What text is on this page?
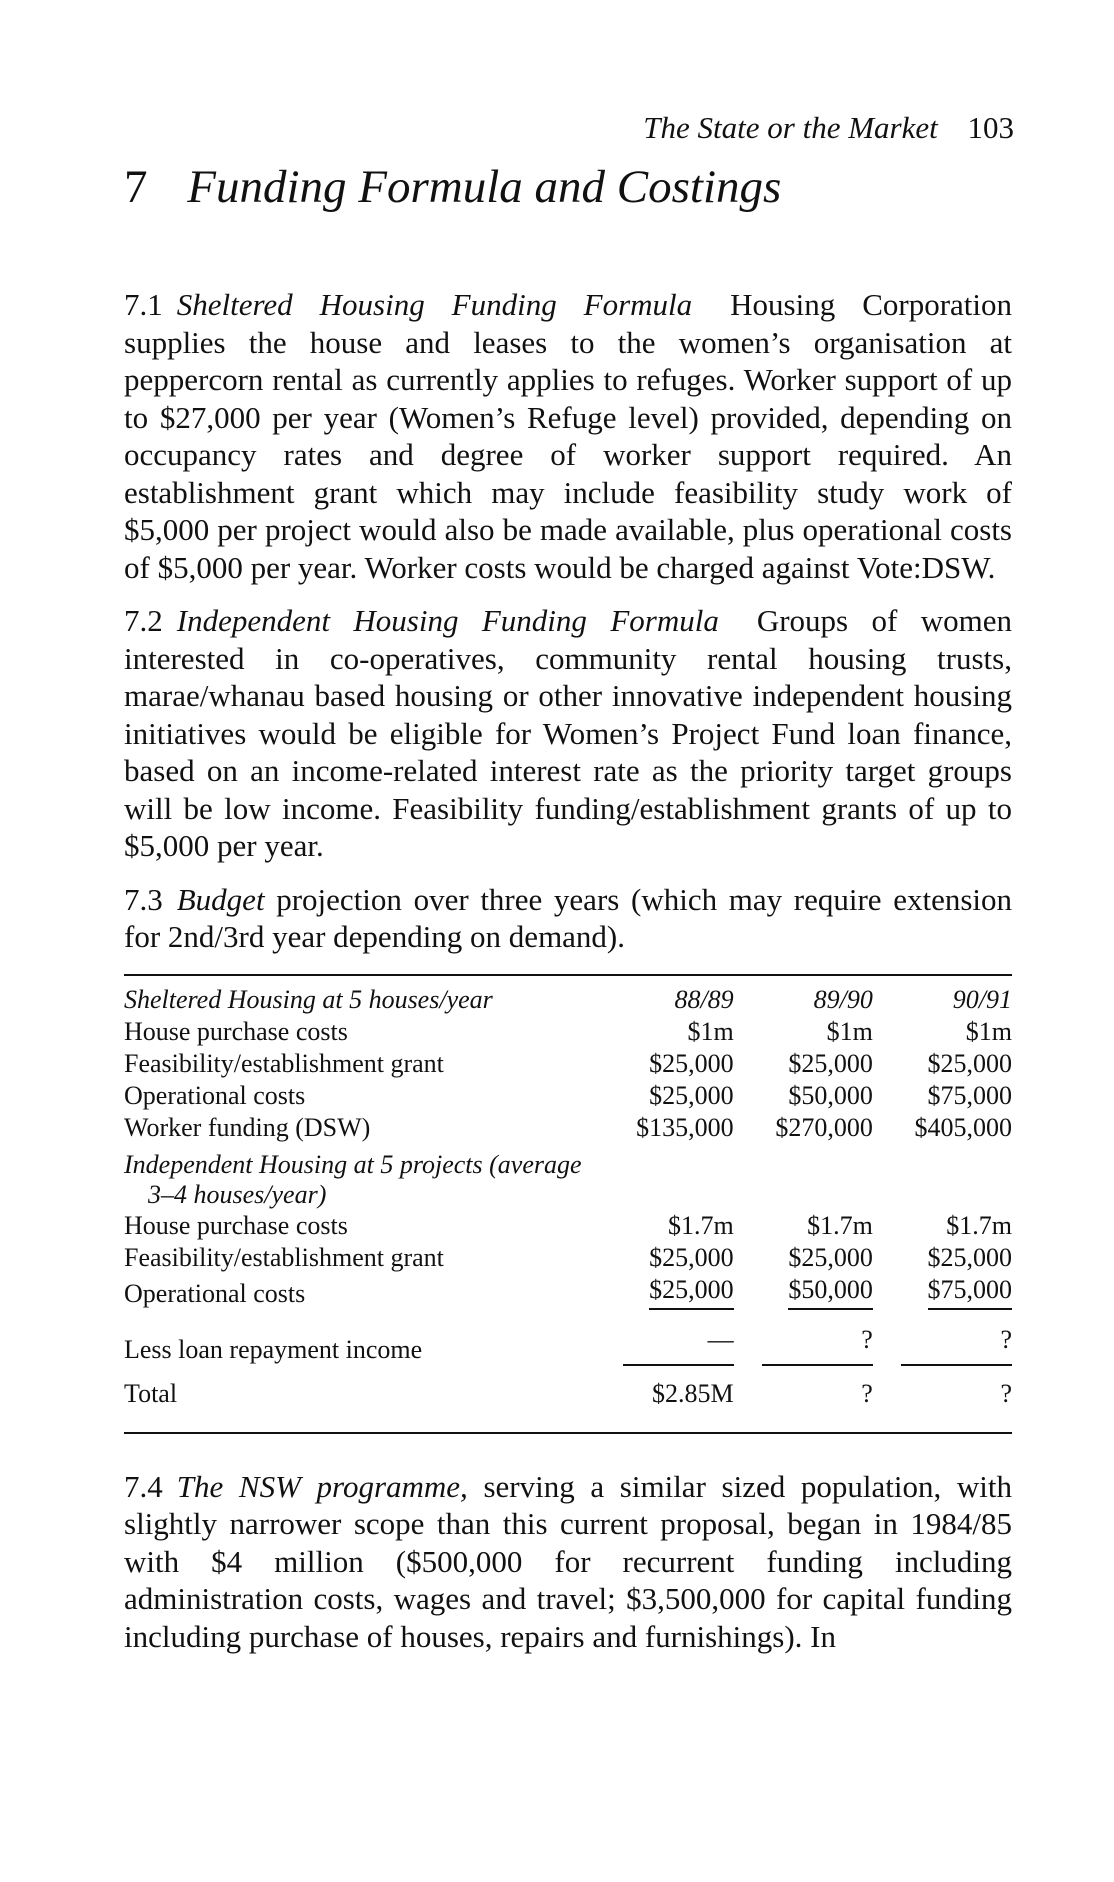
The State or the Market 103
7 Funding Formula and Costings

7.1 Sheltered Housing Funding Formula Housing Corporation supplies the house and leases to the women’s organisation at peppercorn rental as currently applies to refuges. Worker support of up to $27,000 per year (Women’s Refuge level) provided, depending on occupancy rates and degree of worker support required. An establishment grant which may include feasibility study work of $5,000 per project would also be made available, plus operational costs of $5,000 per year. Worker costs would be charged against Vote:DSW.

7.2 Independent Housing Funding Formula Groups of women interested in co-operatives, community rental housing trusts, marae/whanau based housing or other innovative independent housing initiatives would be eligible for Women’s Project Fund loan finance, based on an income-related interest rate as the priority target groups will be low income. Feasibility funding/establishment grants of up to $5,000 per year.

7.3 Budget projection over three years (which may require extension for 2nd/3rd year depending on demand).

Sheltered Housing at 5 houses/year	88/89	89/90	90/91
House purchase costs	$1m	$1m	$1m
Feasibility/establishment grant	$25,000	$25,000	$25,000
Operational costs	$25,000	$50,000	$75,000
Worker funding (DSW)	$135,000	$270,000	$405,000
Independent Housing at 5 projects (average
3–4 houses/year)			

House purchase costs	$1.7m	$1.7m	$1.7m
Feasibility/establishment grant	$25,000	$25,000	$25,000
Operational costs	$25,000	$50,000	$75,000
Less loan repayment income	—	?	?

Total	$2.85M	?	?

7.4 The NSW programme, serving a similar sized population, with slightly narrower scope than this current proposal, began in 1984/85 with $4 million ($500,000 for recurrent funding including administration costs, wages and travel; $3,500,000 for capital funding including purchase of houses, repairs and furnishings). In
